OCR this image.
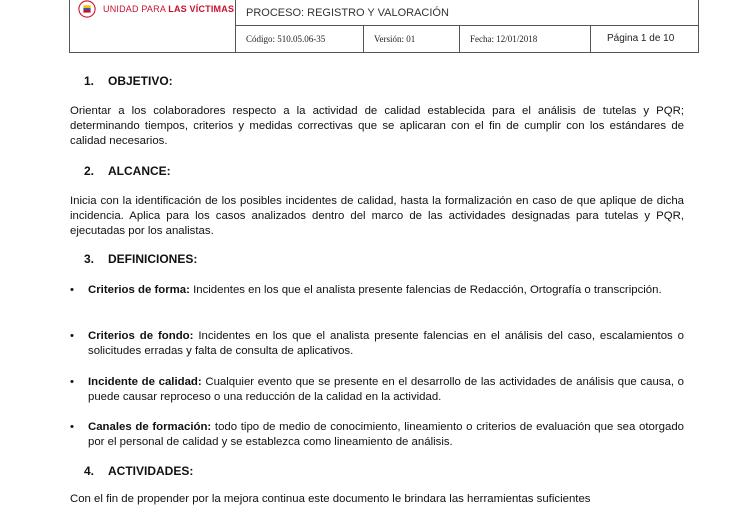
UNIDAD PARA LAS VÍCTIMAS PROCESO: REGISTRO Y VALORACIÓN
Código: 510.05.06-35	Versión: 01	Fecha: 12/01/2018	Página 1 de 10
1. OBJETIVO:

Orientar a los colaboradores respecto a la actividad de calidad establecida para el análisis de tutelas y PQR; determinando tiempos, criterios y medidas correctivas que se aplicaran con el fin de cumplir con los estándares de calidad necesarios.

2. ALCANCE:

Inicia con la identificación de los posibles incidentes de calidad, hasta la formalización en caso de que aplique de dicha incidencia. Aplica para los casos analizados dentro del marco de las actividades designadas para tutelas y PQR, ejecutadas por los analistas.

3. DEFINICIONES:
• Criterios de forma: Incidentes en los que el analista presente falencias de Redacción, Ortografía o transcripción.
• Criterios de fondo: Incidentes en los que el analista presente falencias en el análisis del caso, escalamientos o solicitudes erradas y falta de consulta de aplicativos.
• Incidente de calidad: Cualquier evento que se presente en el desarrollo de las actividades de análisis que causa, o puede causar reproceso o una reducción de la calidad en la actividad.
• Canales de formación: todo tipo de medio de conocimiento, lineamiento o criterios de evaluación que sea otorgado por el personal de calidad y se establezca como lineamiento de análisis.
4. ACTIVIDADES:

Con el fin de propender por la mejora continua este documento le brindara las herramientas suficientes
